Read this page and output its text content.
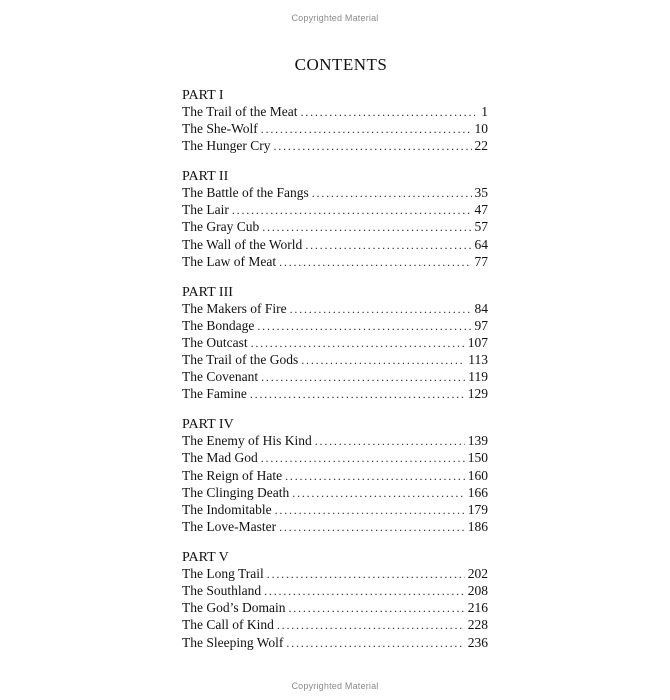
Copyrighted Material
CONTENTS
PART I
The Trail of the Meat . . .	1
The She-Wolf . . .	10
The Hunger Cry . . .	22
PART II
The Battle of the Fangs . . .	35
The Lair . . .	47
The Gray Cub . . .	57
The Wall of the World . . .	64
The Law of Meat . . .	77
PART III
The Makers of Fire . . .	84
The Bondage . . .	97
The Outcast . . .	107
The Trail of the Gods . . .	113
The Covenant . . .	119
The Famine . . .	129
PART IV
The Enemy of His Kind . . .	139
The Mad God . . .	150
The Reign of Hate . . .	160
The Clinging Death . . .	166
The Indomitable . . .	179
The Love-Master . . .	186
PART V
The Long Trail . . .	202
The Southland . . .	208
The God’s Domain . . .	216
The Call of Kind . . .	228
The Sleeping Wolf . . .	236
Copyrighted Material
